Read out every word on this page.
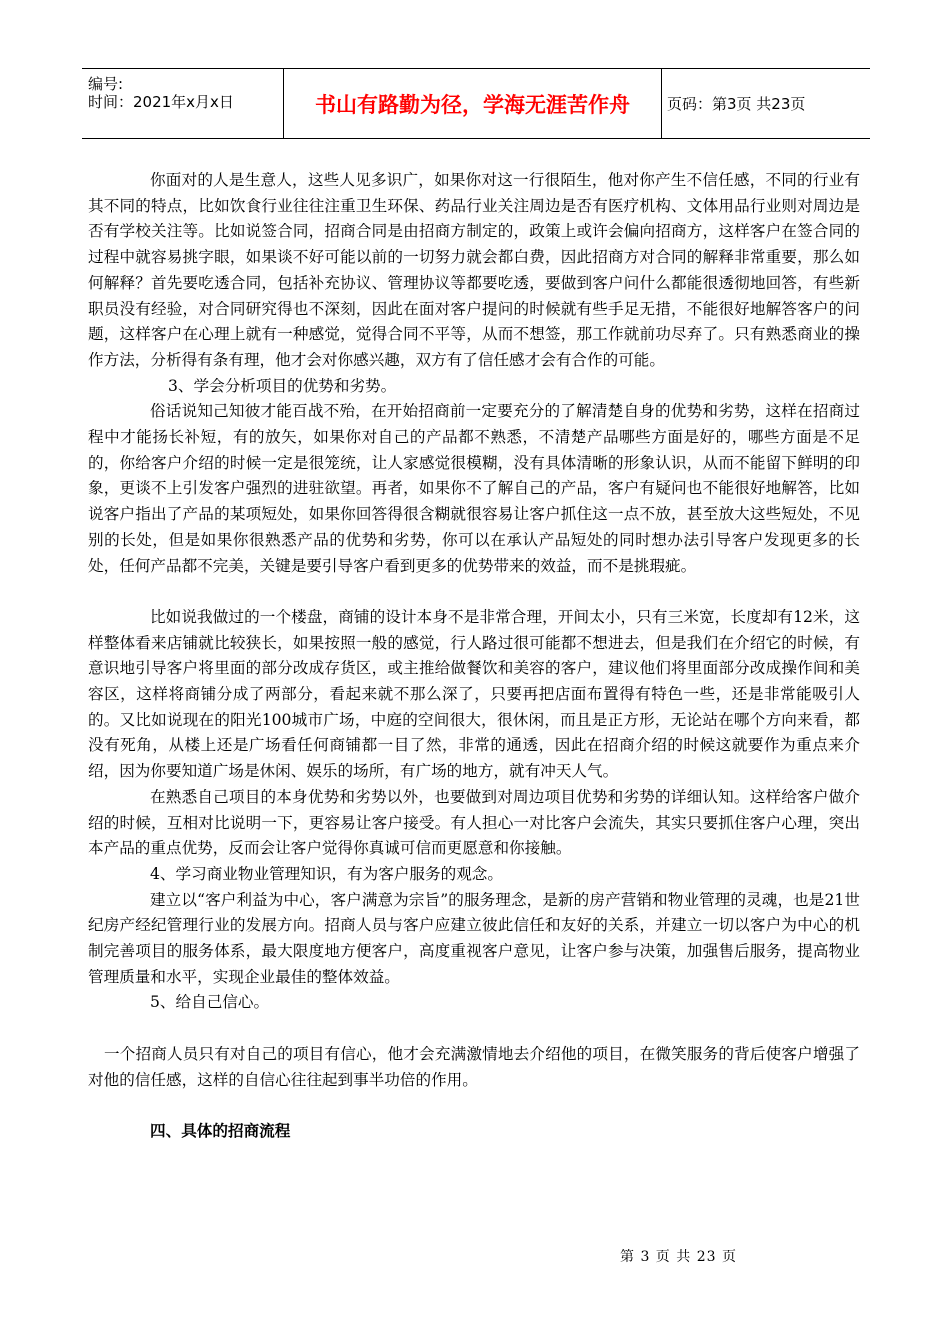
编号:
时间：2021年x月x日	书山有路勤为径，学海无涯苦作舟	页码：第3页 共23页

你面对的人是生意人，这些人见多识广，如果你对这一行很陌生，他对你产生不信任感，不同的行业有其不同的特点，比如饮食行业往往注重卫生环保、药品行业关注周边是否有医疗机构、文体用品行业则对周边是否有学校关注等。比如说签合同，招商合同是由招商方制定的，政策上或许会偏向招商方，这样客户在签合同的过程中就容易挑字眼，如果谈不好可能以前的一切努力就会都白费，因此招商方对合同的解释非常重要，那么如何解释？首先要吃透合同，包括补充协议、管理协议等都要吃透，要做到客户问什么都能很透彻地回答，有些新职员没有经验，对合同研究得也不深刻，因此在面对客户提问的时候就有些手足无措，不能很好地解答客户的问题，这样客户在心理上就有一种感觉，觉得合同不平等，从而不想签，那工作就前功尽弃了。只有熟悉商业的操作方法，分析得有条有理，他才会对你感兴趣，双方有了信任感才会有合作的可能。

3、学会分析项目的优势和劣势。

俗话说知己知彼才能百战不殆，在开始招商前一定要充分的了解清楚自身的优势和劣势，这样在招商过程中才能扬长补短，有的放矢，如果你对自己的产品都不熟悉，不清楚产品哪些方面是好的，哪些方面是不足的，你给客户介绍的时候一定是很笼统，让人家感觉很模糊，没有具体清晰的形象认识，从而不能留下鲜明的印象，更谈不上引发客户强烈的进驻欲望。再者，如果你不了解自己的产品，客户有疑问也不能很好地解答，比如说客户指出了产品的某项短处，如果你回答得很含糊就很容易让客户抓住这一点不放，甚至放大这些短处，不见别的长处，但是如果你很熟悉产品的优势和劣势，你可以在承认产品短处的同时想办法引导客户发现更多的长处，任何产品都不完美，关键是要引导客户看到更多的优势带来的效益，而不是挑瑕疵。

比如说我做过的一个楼盘，商铺的设计本身不是非常合理，开间太小，只有三米宽，长度却有12米，这样整体看来店铺就比较狭长，如果按照一般的感觉，行人路过很可能都不想进去，但是我们在介绍它的时候，有意识地引导客户将里面的部分改成存货区，或主推给做餐饮和美容的客户，建议他们将里面部分改成操作间和美容区，这样将商铺分成了两部分，看起来就不那么深了，只要再把店面布置得有特色一些，还是非常能吸引人的。又比如说现在的阳光100城市广场，中庭的空间很大，很休闲，而且是正方形，无论站在哪个方向来看，都没有死角，从楼上还是广场看任何商铺都一目了然，非常的通透，因此在招商介绍的时候这就要作为重点来介绍，因为你要知道广场是休闲、娱乐的场所，有广场的地方，就有冲天人气。

在熟悉自己项目的本身优势和劣势以外，也要做到对周边项目优势和劣势的详细认知。这样给客户做介绍的时候，互相对比说明一下，更容易让客户接受。有人担心一对比客户会流失，其实只要抓住客户心理，突出本产品的重点优势，反而会让客户觉得你真诚可信而更愿意和你接触。

4、学习商业物业管理知识，有为客户服务的观念。

建立以“客户利益为中心，客户满意为宗旨”的服务理念，是新的房产营销和物业管理的灵魂，也是21世纪房产经纪管理行业的发展方向。招商人员与客户应建立彼此信任和友好的关系，并建立一切以客户为中心的机制完善项目的服务体系，最大限度地方便客户，高度重视客户意见，让客户参与决策，加强售后服务，提高物业管理质量和水平，实现企业最佳的整体效益。

5、给自己信心。

一个招商人员只有对自己的项目有信心，他才会充满激情地去介绍他的项目，在微笑服务的背后使客户增强了对他的信任感，这样的自信心往往起到事半功倍的作用。

四、具体的招商流程

第 3 页 共 23 页
